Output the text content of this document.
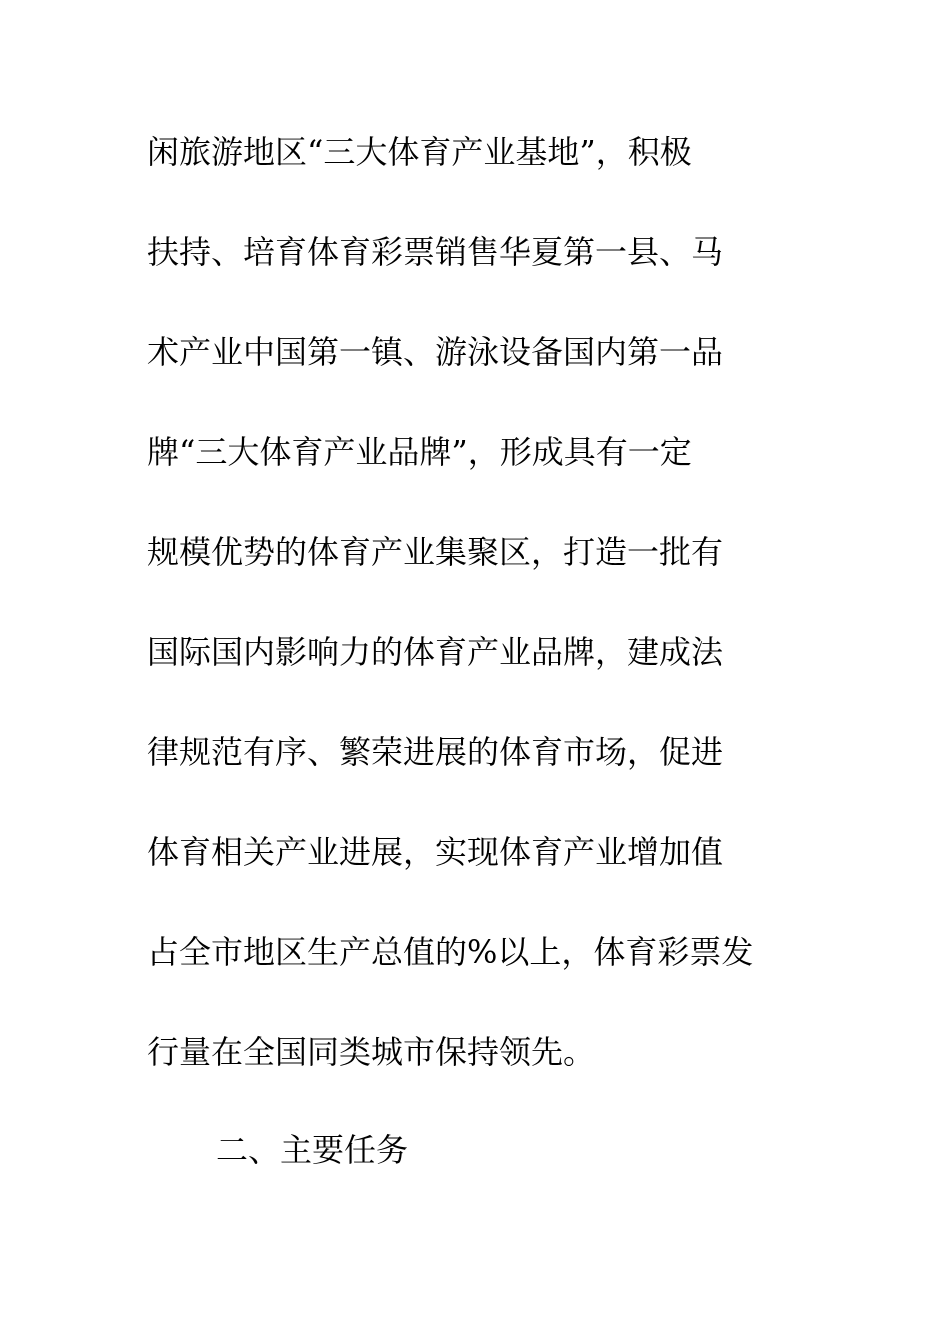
闲旅游地区“三大体育产业基地”，积极
扶持、培育体育彩票销售华夏第一县、马
术产业中国第一镇、游泳设备国内第一品
牌“三大体育产业品牌”，形成具有一定
规模优势的体育产业集聚区，打造一批有
国际国内影响力的体育产业品牌，建成法
律规范有序、繁荣进展的体育市场，促进
体育相关产业进展，实现体育产业增加值
占全市地区生产总值的%以上，体育彩票发
行量在全国同类城市保持领先。
二、主要任务
